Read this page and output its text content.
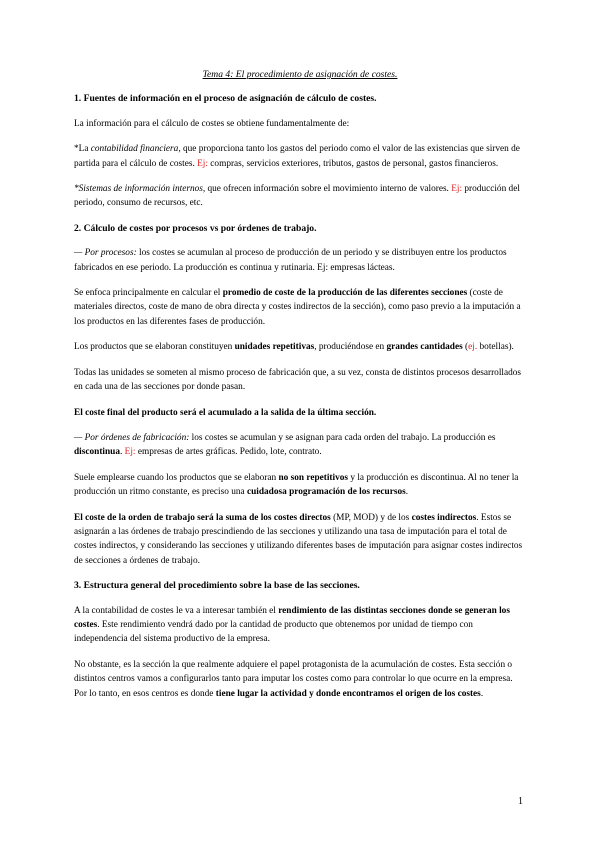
Tema 4: El procedimiento de asignación de costes.
1. Fuentes de información en el proceso de asignación de cálculo de costes.

La información para el cálculo de costes se obtiene fundamentalmente de:

*La contabilidad financiera, que proporciona tanto los gastos del periodo como el valor de las existencias que sirven de partida para el cálculo de costes. Ej: compras, servicios exteriores, tributos, gastos de personal, gastos financieros.

*Sistemas de información internos, que ofrecen información sobre el movimiento interno de valores. Ej: producción del periodo, consumo de recursos, etc.

2. Cálculo de costes por procesos vs por órdenes de trabajo.

— Por procesos: los costes se acumulan al proceso de producción de un periodo y se distribuyen entre los productos fabricados en ese periodo. La producción es continua y rutinaria. Ej: empresas lácteas.

Se enfoca principalmente en calcular el promedio de coste de la producción de las diferentes secciones (coste de materiales directos, coste de mano de obra directa y costes indirectos de la sección), como paso previo a la imputación a los productos en las diferentes fases de producción.

Los productos que se elaboran constituyen unidades repetitivas, produciéndose en grandes cantidades (ej. botellas).

Todas las unidades se someten al mismo proceso de fabricación que, a su vez, consta de distintos procesos desarrollados en cada una de las secciones por donde pasan.

El coste final del producto será el acumulado a la salida de la última sección.

— Por órdenes de fabricación: los costes se acumulan y se asignan para cada orden del trabajo. La producción es discontinua. Ej: empresas de artes gráficas. Pedido, lote, contrato.

Suele emplearse cuando los productos que se elaboran no son repetitivos y la producción es discontinua. Al no tener la producción un ritmo constante, es preciso una cuidadosa programación de los recursos.

El coste de la orden de trabajo será la suma de los costes directos (MP, MOD) y de los costes indirectos. Estos se asignarán a las órdenes de trabajo prescindiendo de las secciones y utilizando una tasa de imputación para el total de costes indirectos, y considerando las secciones y utilizando diferentes bases de imputación para asignar costes indirectos de secciones a órdenes de trabajo.

3. Estructura general del procedimiento sobre la base de las secciones.

A la contabilidad de costes le va a interesar también el rendimiento de las distintas secciones donde se generan los costes. Este rendimiento vendrá dado por la cantidad de producto que obtenemos por unidad de tiempo con independencia del sistema productivo de la empresa.

No obstante, es la sección la que realmente adquiere el papel protagonista de la acumulación de costes. Esta sección o distintos centros vamos a configurarlos tanto para imputar los costes como para controlar lo que ocurre en la empresa. Por lo tanto, en esos centros es donde tiene lugar la actividad y donde encontramos el origen de los costes.

1
